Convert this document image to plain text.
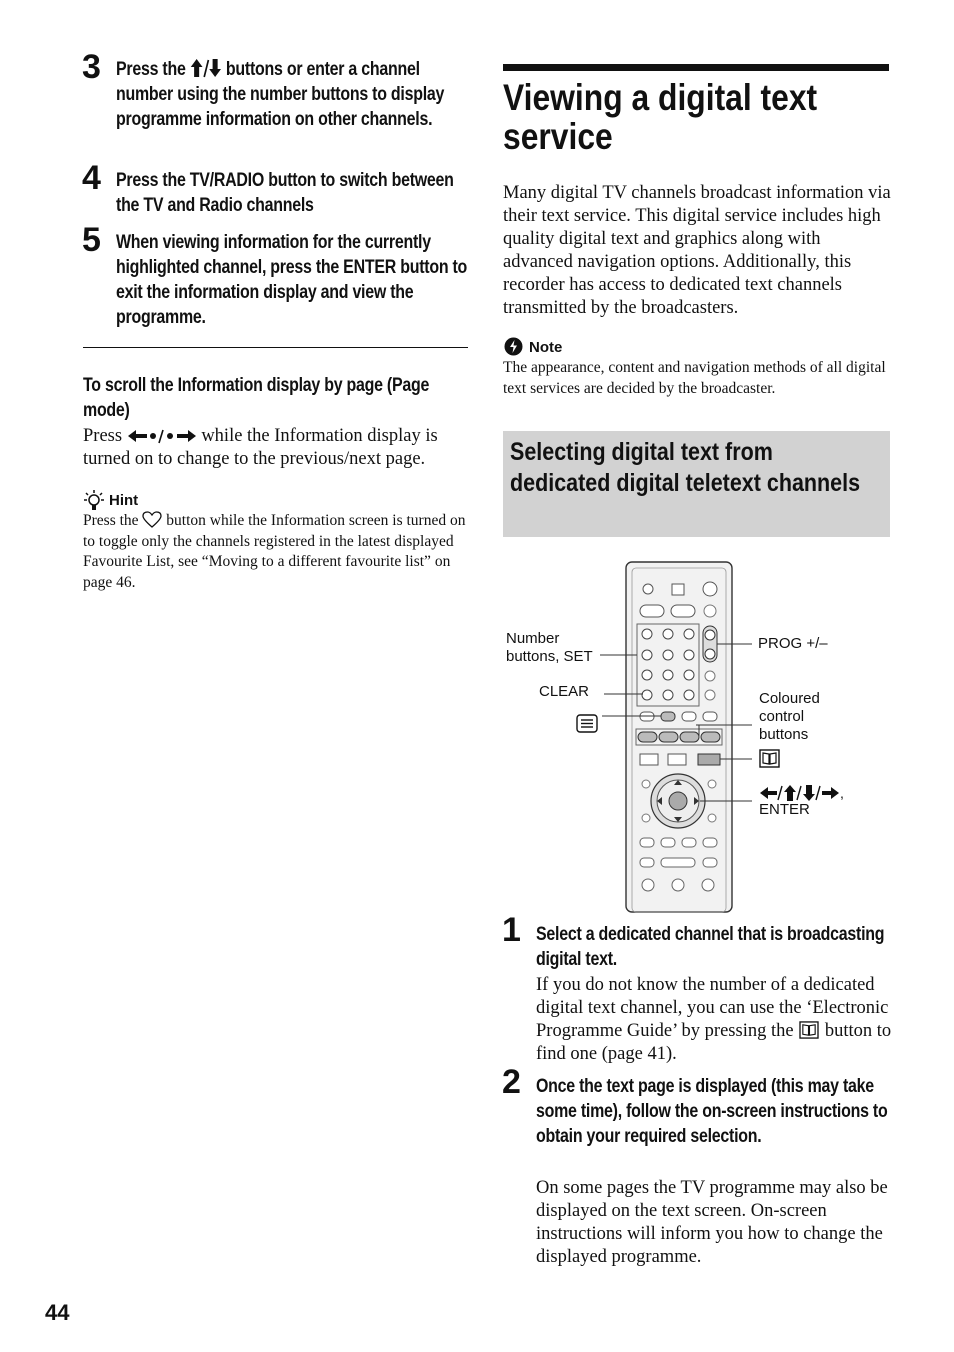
3 Press the buttons or enter a channel number using the number buttons to display programme information on other channels.
4 Press the TV/RADIO button to switch between the TV and Radio channels
5 When viewing information for the currently highlighted channel, press the ENTER button to exit the information display and view the programme.
To scroll the Information display by page (Page mode)
Press	while the Information display is turned on to change to the previous/next page.
Hint
Press the button while the Information screen is turned on to toggle only the channels registered in the latest displayed Favourite List, see “Moving to a different favourite list” on page 46.
44
Viewing a digital text service
Many digital TV channels broadcast information via their text service. This digital service includes high quality digital text and graphics along with advanced navigation options. Additionally, this recorder has access to dedicated text channels transmitted by the broadcasters.
Note
The appearance, content and navigation methods of all digital text services are decided by the broadcaster.
Selecting digital text from dedicated digital teletext channels
Number buttons, SET
CLEAR
PROG +/–
Coloured control buttons
,
ENTER
1 Select a dedicated channel that is broadcasting digital text.
If you do not know the number of a dedicated digital text channel, you can use the ‘Electronic Programme Guide’ by pressing the button to find one (page 41).
2 Once the text page is displayed (this may take some time), follow the on-screen instructions to obtain your required selection.
On some pages the TV programme may also be displayed on the text screen. On-screen instructions will inform you how to change the displayed programme.
